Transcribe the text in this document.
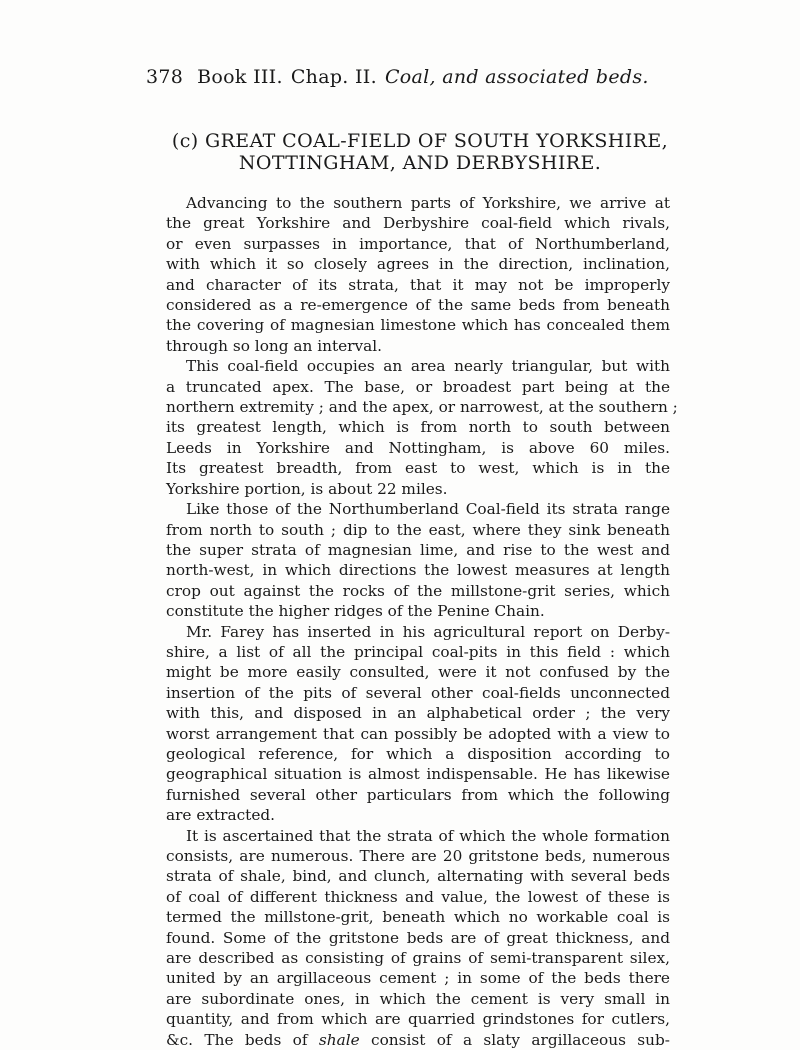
378 Book III. Chap. II. Coal, and associated beds.
(c) GREAT COAL-FIELD OF SOUTH YORKSHIRE,
NOTTINGHAM, AND DERBYSHIRE.
Advancing to the southern parts of Yorkshire, we arrive at
the great Yorkshire and Derbyshire coal-field which rivals,
or even surpasses in importance, that of Northumberland,
with which it so closely agrees in the direction, inclination,
and character of its strata, that it may not be improperly
considered as a re-emergence of the same beds from beneath
the covering of magnesian limestone which has concealed them
through so long an interval.
This coal-field occupies an area nearly triangular, but with
a truncated apex. The base, or broadest part being at the
northern extremity ; and the apex, or narrowest, at the southern ;
its greatest length, which is from north to south between
Leeds in Yorkshire and Nottingham, is above 60 miles.
Its greatest breadth, from east to west, which is in the
Yorkshire portion, is about 22 miles.
Like those of the Northumberland Coal-field its strata range
from north to south ; dip to the east, where they sink beneath
the super strata of magnesian lime, and rise to the west and
north-west, in which directions the lowest measures at length
crop out against the rocks of the millstone-grit series, which
constitute the higher ridges of the Penine Chain.
Mr. Farey has inserted in his agricultural report on Derby-
shire, a list of all the principal coal-pits in this field : which
might be more easily consulted, were it not confused by the
insertion of the pits of several other coal-fields unconnected
with this, and disposed in an alphabetical order ; the very
worst arrangement that can possibly be adopted with a view to
geological reference, for which a disposition according to
geographical situation is almost indispensable. He has likewise
furnished several other particulars from which the following
are extracted.
It is ascertained that the strata of which the whole formation
consists, are numerous. There are 20 gritstone beds, numerous
strata of shale, bind, and clunch, alternating with several beds
of coal of different thickness and value, the lowest of these is
termed the millstone-grit, beneath which no workable coal is
found. Some of the gritstone beds are of great thickness, and
are described as consisting of grains of semi-transparent silex,
united by an argillaceous cement ; in some of the beds there
are subordinate ones, in which the cement is very small in
quantity, and from which are quarried grindstones for cutlers,
&c. The beds of shale consist of a slaty argillaceous sub-
